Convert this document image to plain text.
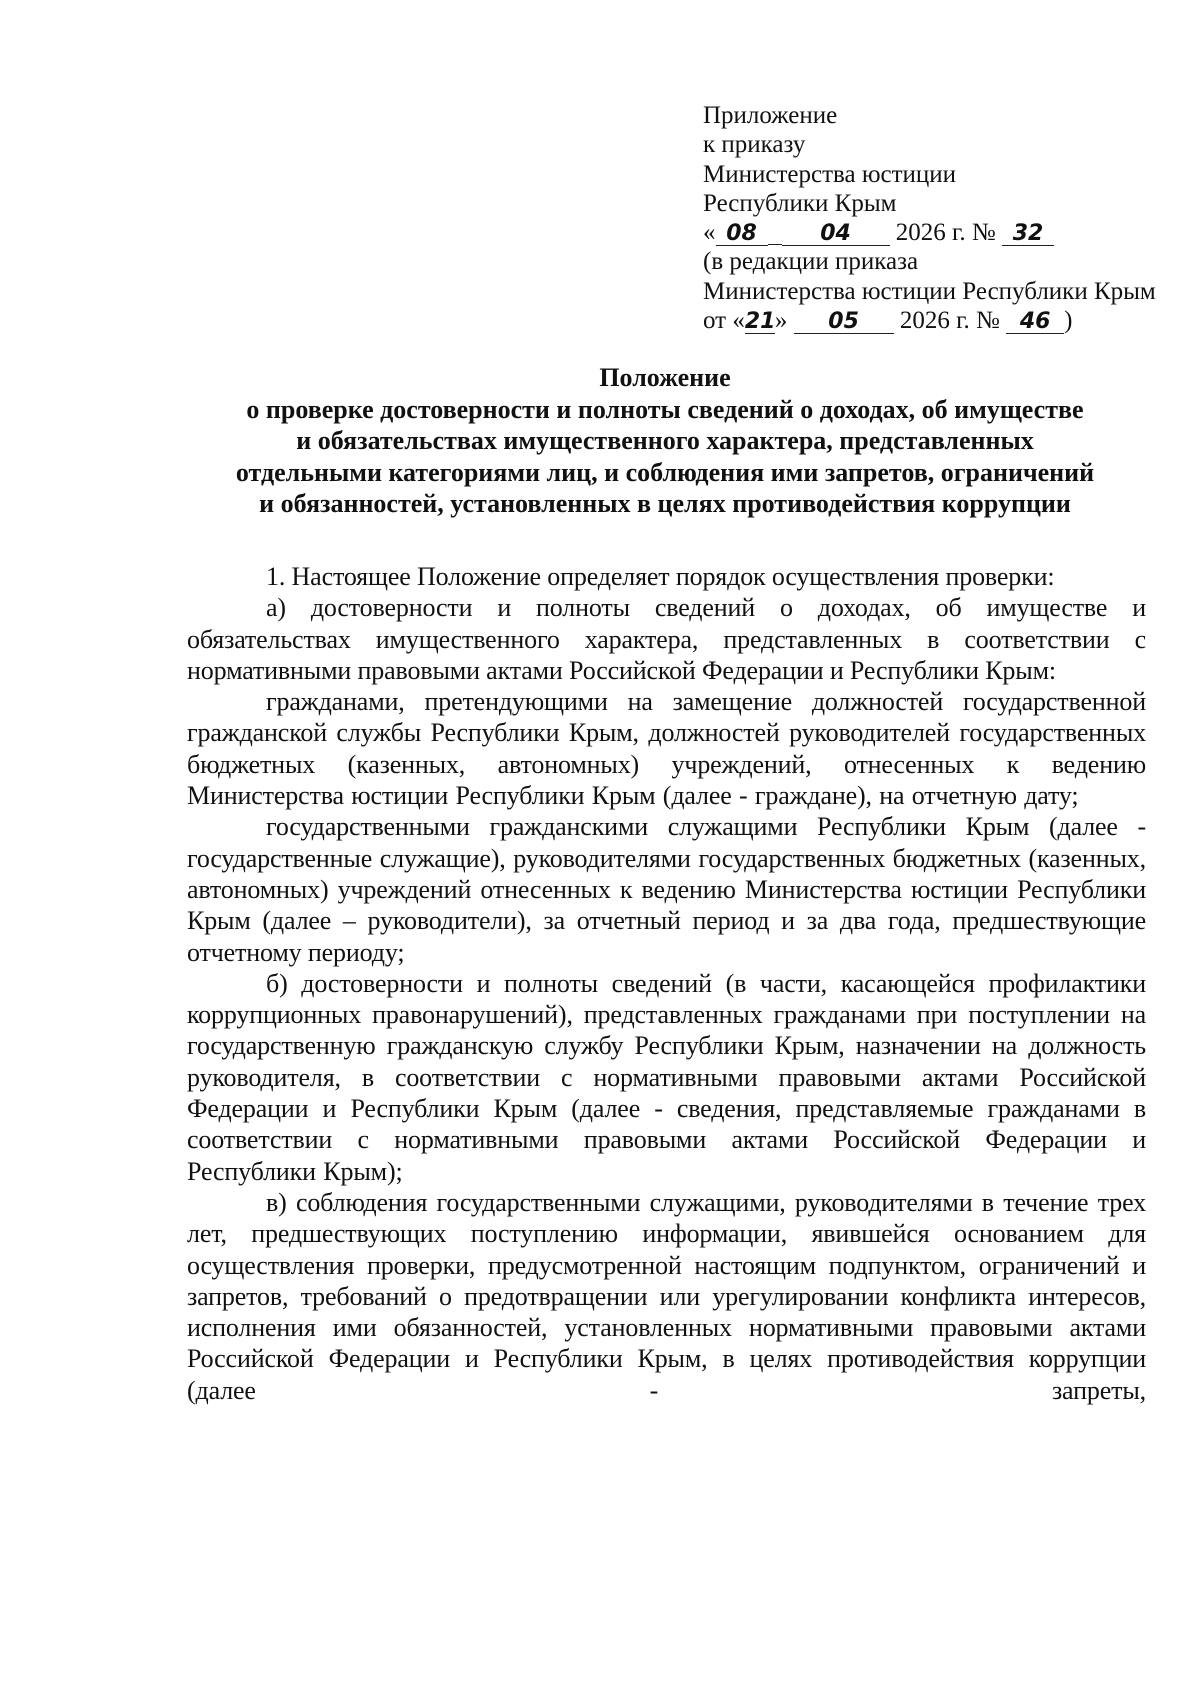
Приложение
к приказу
Министерства юстиции
Республики Крым
« 08	04 2026 г. № 32
(в редакции приказа
Министерства юстиции Республики Крым
от «21» 05 2026 г. № 46 )
Положение
о проверке достоверности и полноты сведений о доходах, об имуществе
и обязательствах имущественного характера, представленных
отдельными категориями лиц, и соблюдения ими запретов, ограничений
и обязанностей, установленных в целях противодействия коррупции

1. Настоящее Положение определяет порядок осуществления проверки:

а) достоверности и полноты сведений о доходах, об имуществе и обязательствах имущественного характера, представленных в соответствии с нормативными правовыми актами Российской Федерации и Республики Крым:

гражданами, претендующими на замещение должностей государственной гражданской службы Республики Крым, должностей руководителей государственных бюджетных (казенных, автономных) учреждений, отнесенных к ведению Министерства юстиции Республики Крым (далее - граждане), на отчетную дату;

государственными гражданскими служащими Республики Крым (далее - государственные служащие), руководителями государственных бюджетных (казенных, автономных) учреждений отнесенных к ведению Министерства юстиции Республики Крым (далее – руководители), за отчетный период и за два года, предшествующие отчетному периоду;

б) достоверности и полноты сведений (в части, касающейся профилактики коррупционных правонарушений), представленных гражданами при поступлении на государственную гражданскую службу Республики Крым, назначении на должность руководителя, в соответствии с нормативными правовыми актами Российской Федерации и Республики Крым (далее - сведения, представляемые гражданами в соответствии с нормативными правовыми актами Российской Федерации и Республики Крым);

в) соблюдения государственными служащими, руководителями в течение трех лет, предшествующих поступлению информации, явившейся основанием для осуществления проверки, предусмотренной настоящим подпунктом, ограничений и запретов, требований о предотвращении или урегулировании конфликта интересов, исполнения ими обязанностей, установленных нормативными правовыми актами Российской Федерации и Республики Крым, в целях противодействия коррупции (далее - запреты,
